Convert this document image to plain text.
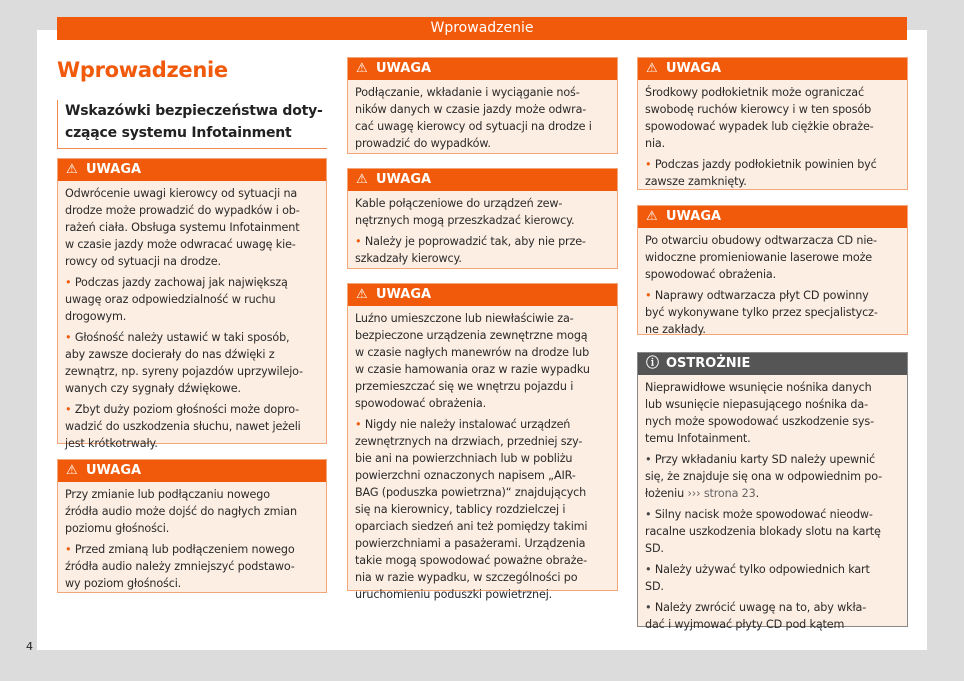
Wprowadzenie
Wprowadzenie
Wskazówki bezpieczeństwa doty-
cząące systemu Infotainment
⚠ UWAGA

Odwrócenie uwagi kierowcy od sytuacji na
drodze może prowadzić do wypadków i ob-
rażeń ciała. Obsługa systemu Infotainment
w czasie jazdy może odwracać uwagę kie-
rowcy od sytuacji na drodze.

• Podczas jazdy zachowaj jak największą
uwagę oraz odpowiedzialność w ruchu
drogowym.

• Głośność należy ustawić w taki sposób,
aby zawsze docierały do nas dźwięki z
zewnątrz, np. syreny pojazdów uprzywilejo-
wanych czy sygnały dźwiękowe.

• Zbyt duży poziom głośności może dopro-
wadzić do uszkodzenia słuchu, nawet jeżeli
jest krótkotrwały.

⚠ UWAGA

Przy zmianie lub podłączaniu nowego
źródła audio może dojść do nagłych zmian
poziomu głośności.

• Przed zmianą lub podłączeniem nowego
źródła audio należy zmniejszyć podstawo-
wy poziom głośności.

⚠ UWAGA

Podłączanie, wkładanie i wyciąganie noś-
ników danych w czasie jazdy może odwra-
cać uwagę kierowcy od sytuacji na drodze i
prowadzić do wypadków.

⚠ UWAGA

Kable połączeniowe do urządzeń zew-
nętrznych mogą przeszkadzać kierowcy.

• Należy je poprowadzić tak, aby nie prze-
szkadzały kierowcy.

⚠ UWAGA

Luźno umieszczone lub niewłaściwie za-
bezpieczone urządzenia zewnętrzne mogą
w czasie nagłych manewrów na drodze lub
w czasie hamowania oraz w razie wypadku
przemieszczać się we wnętrzu pojazdu i
spowodować obrażenia.

• Nigdy nie należy instalować urządzeń
zewnętrznych na drzwiach, przedniej szy-
bie ani na powierzchniach lub w pobliżu
powierzchni oznaczonych napisem „AIR-
BAG (poduszka powietrzna)“ znajdujących
się na kierownicy, tablicy rozdzielczej i
oparciach siedzeń ani też pomiędzy takimi
powierzchniami a pasażerami. Urządzenia
takie mogą spowodować poważne obraże-
nia w razie wypadku, w szczególności po
uruchomieniu poduszki powietrznej.

⚠ UWAGA

Środkowy podłokietnik może ograniczać
swobodę ruchów kierowcy i w ten sposób
spowodować wypadek lub ciężkie obraże-
nia.

• Podczas jazdy podłokietnik powinien być
zawsze zamknięty.

⚠ UWAGA

Po otwarciu obudowy odtwarzacza CD nie-
widoczne promieniowanie laserowe może
spowodować obrażenia.

• Naprawy odtwarzacza płyt CD powinny
być wykonywane tylko przez specjalistycz-
ne zakłady.

ⓘ OSTROŻNIE

Nieprawidłowe wsunięcie nośnika danych
lub wsunięcie niepasującego nośnika da-
nych może spowodować uszkodzenie sys-
temu Infotainment.

• Przy wkładaniu karty SD należy upewnić
się, że znajduje się ona w odpowiednim po-
łożeniu ››› strona 23.

• Silny nacisk może spowodować nieodw-
racalne uszkodzenia blokady slotu na kartę
SD.

• Należy używać tylko odpowiednich kart
SD.

• Należy zwrócić uwagę na to, aby wkła-
dać i wyjmować płyty CD pod kątem

4
